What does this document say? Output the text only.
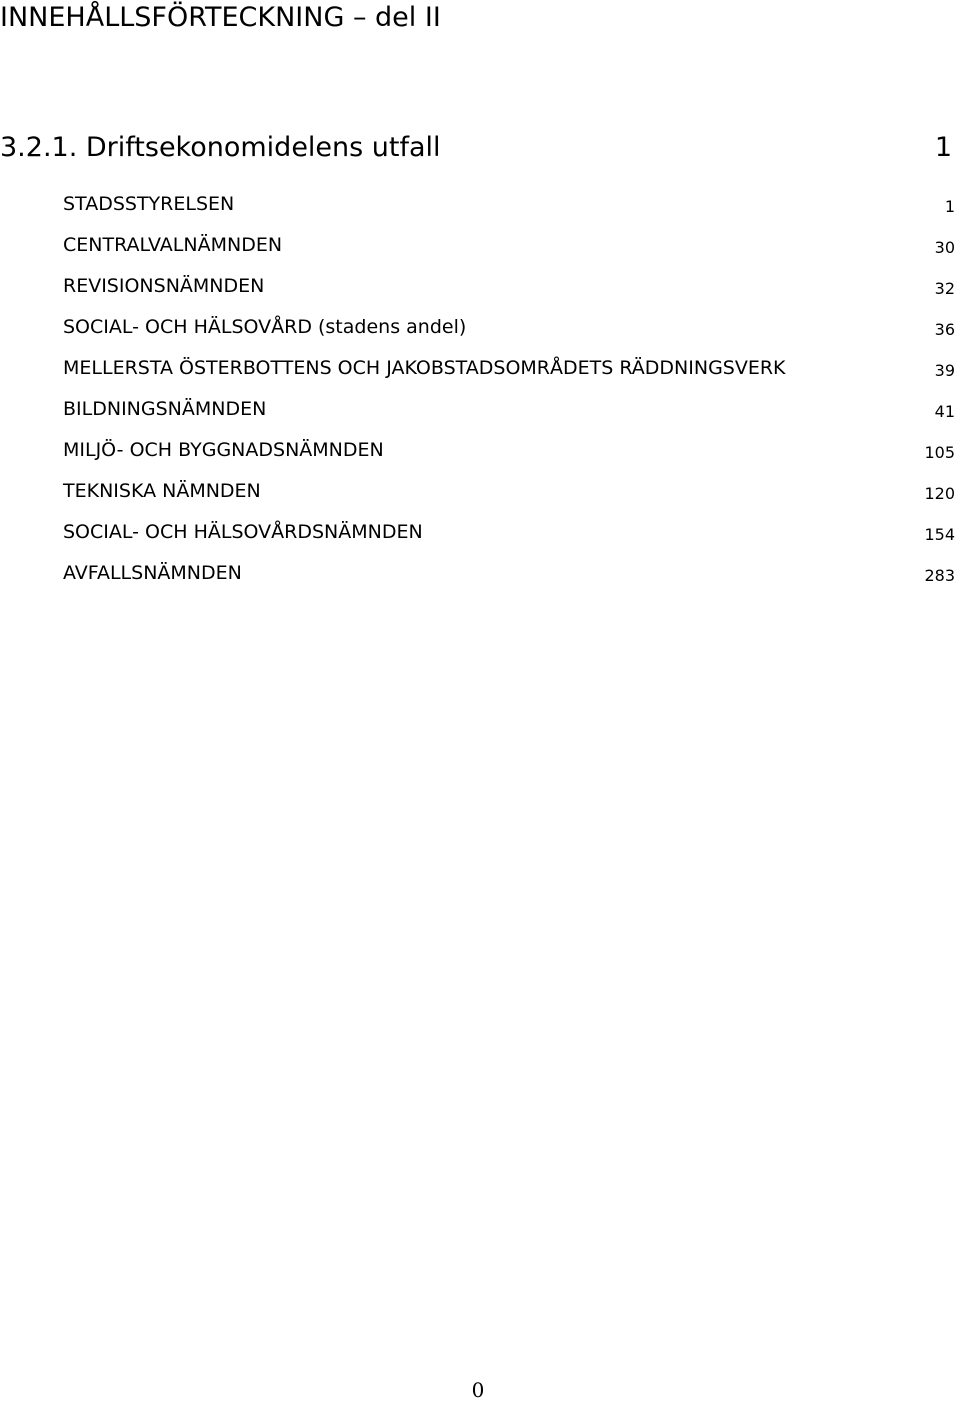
INNEHÅLLSFÖRTECKNING – del II
3.2.1. Driftsekonomidelens utfall	1
STADSSTYRELSEN	1
CENTRALVALNÄMNDEN	30
REVISIONSNÄMNDEN	32
SOCIAL- OCH HÄLSOVÅRD (stadens andel)	36
MELLERSTA ÖSTERBOTTENS OCH JAKOBSTADSOMRÅDETS RÄDDNINGSVERK	39
BILDNINGSNÄMNDEN	41
MILJÖ- OCH BYGGNADSNÄMNDEN	105
TEKNISKA NÄMNDEN	120
SOCIAL- OCH HÄLSOVÅRDSNÄMNDEN	154
AVFALLSNÄMNDEN	283
0
